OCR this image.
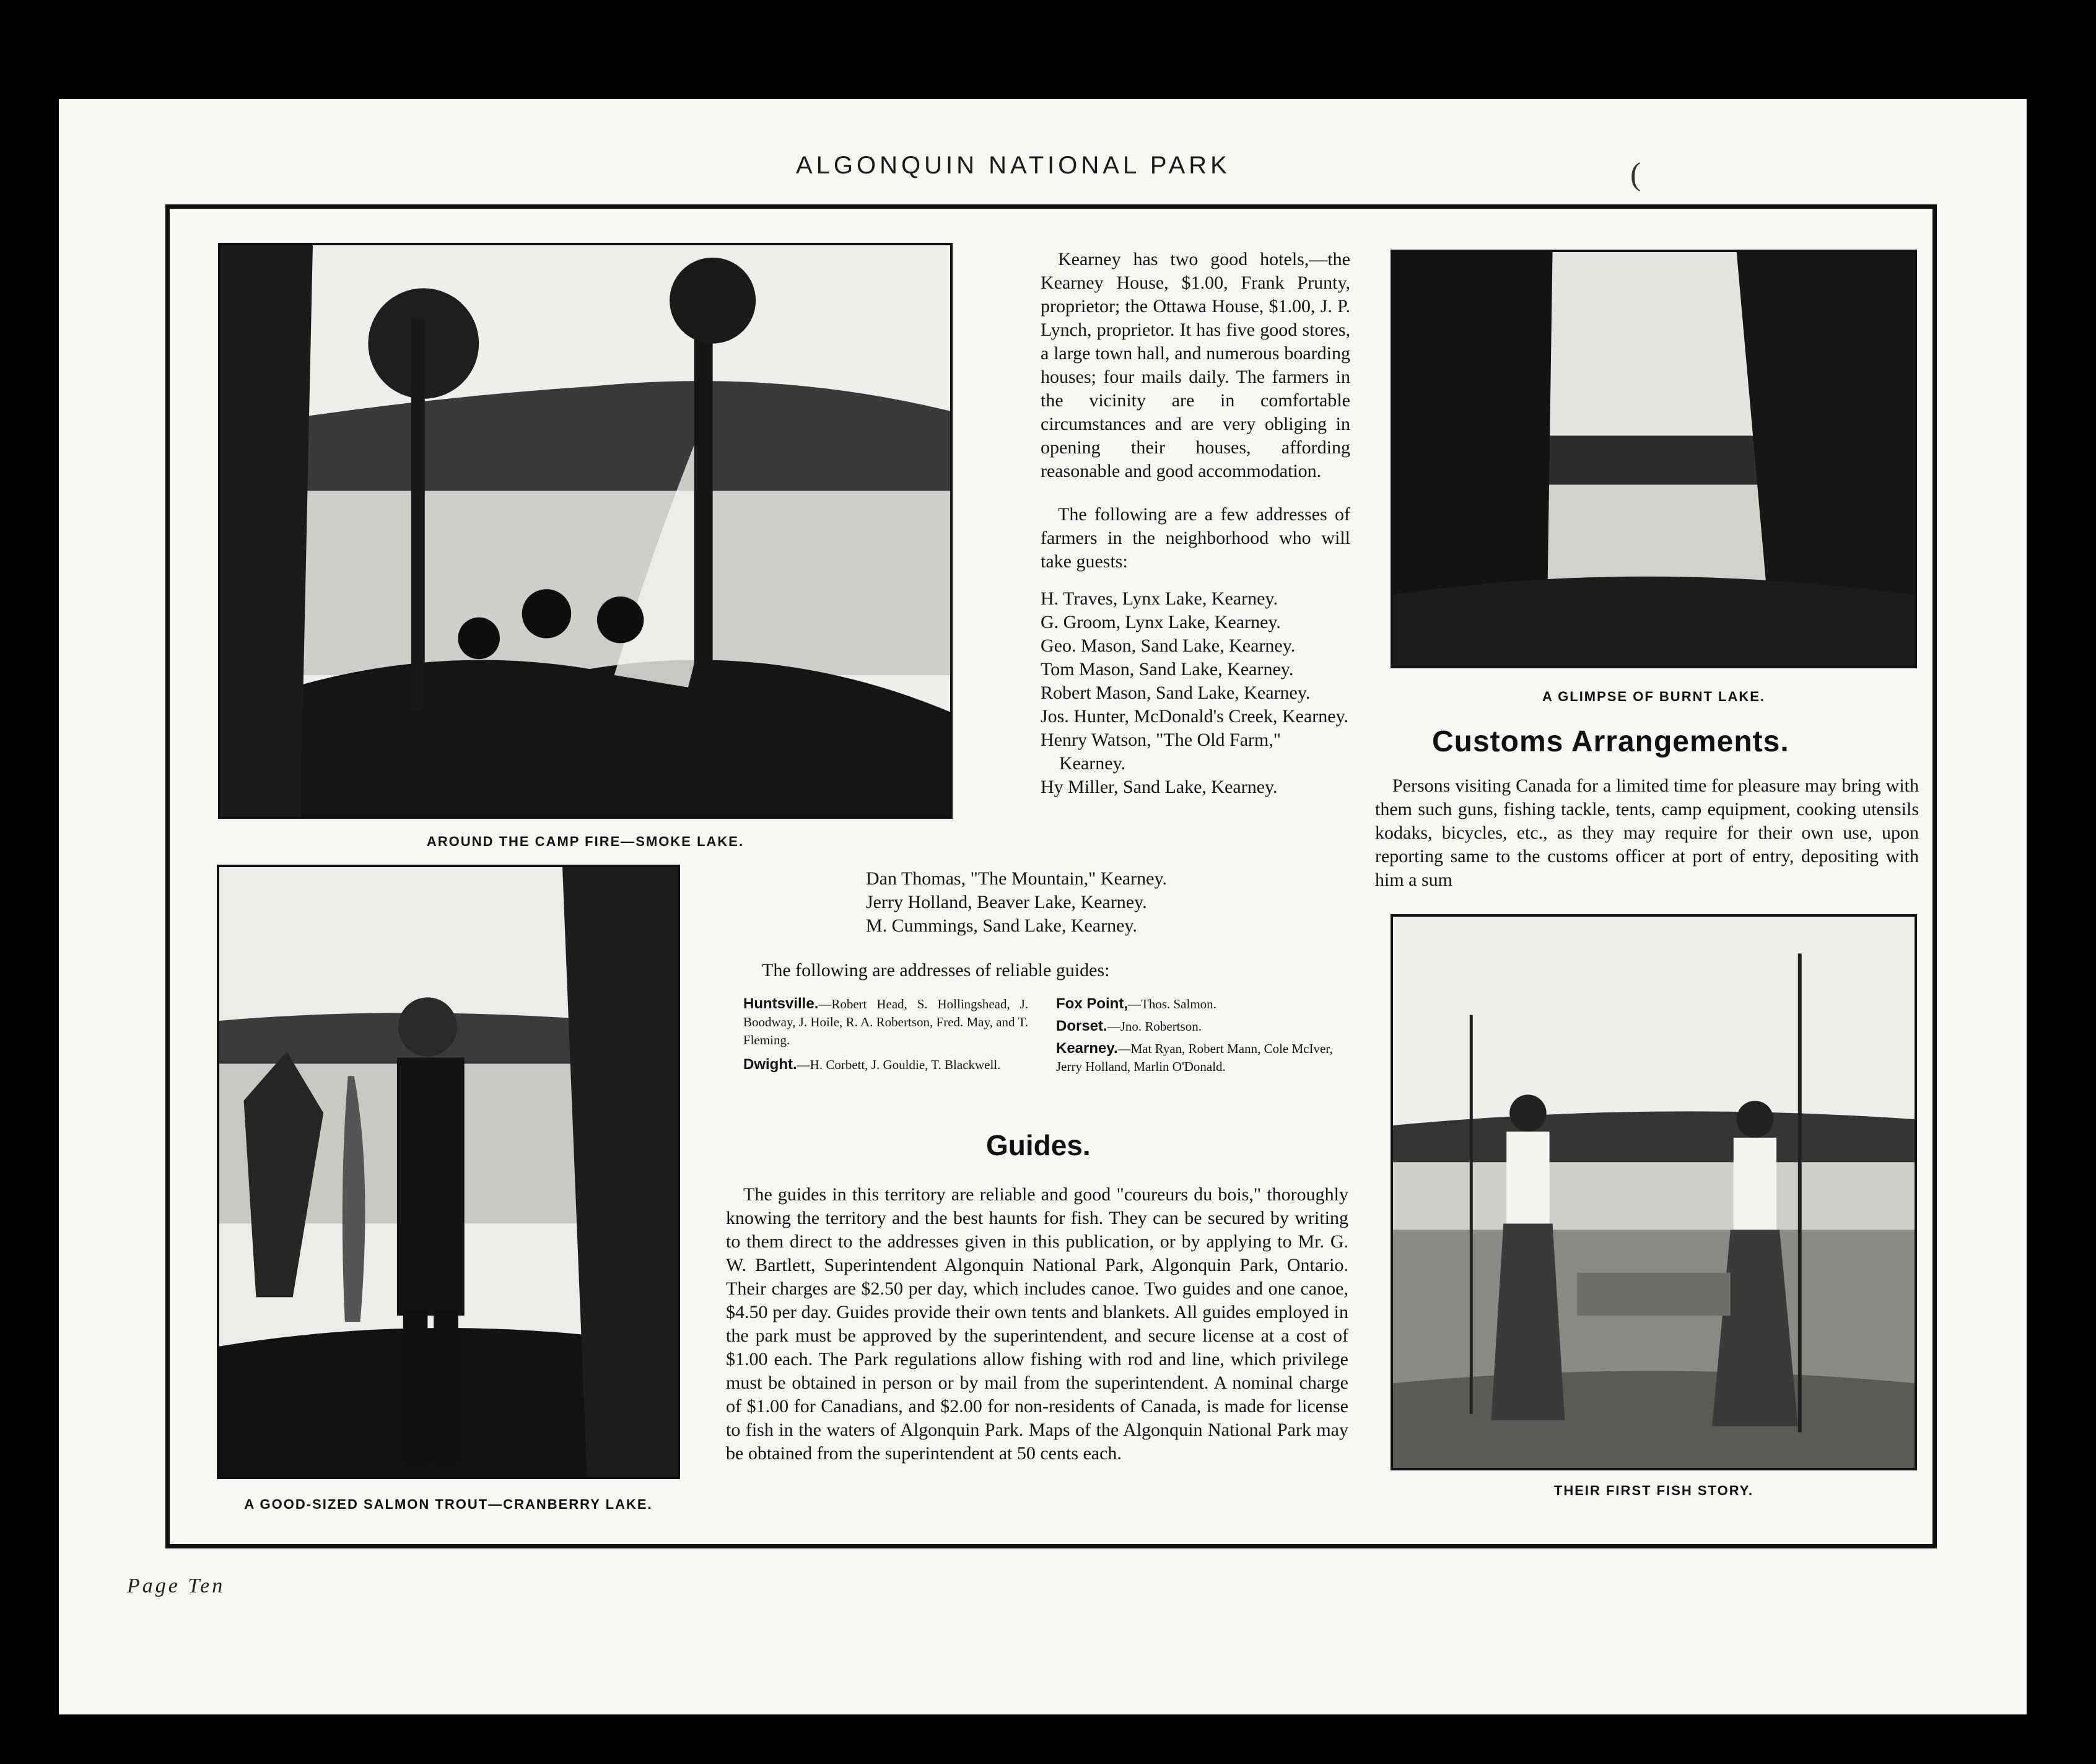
ALGONQUIN NATIONAL PARK	(
AROUND THE CAMP FIRE—SMOKE LAKE.
A GLIMPSE OF BURNT LAKE.
A GOOD-SIZED SALMON TROUT—CRANBERRY LAKE.
THEIR FIRST FISH STORY.

Kearney has two good hotels,—the Kearney House, $1.00, Frank Prunty, proprietor; the Ottawa House, $1.00, J. P. Lynch, proprietor. It has five good stores, a large town hall, and numerous boarding houses; four mails daily. The farmers in the vicinity are in comfortable circumstances and are very obliging in opening their houses, affording reasonable and good accommodation.

The following are a few addresses of farmers in the neighborhood who will take guests:

H. Traves, Lynx Lake, Kearney.
G. Groom, Lynx Lake, Kearney.
Geo. Mason, Sand Lake, Kearney.
Tom Mason, Sand Lake, Kearney.
Robert Mason, Sand Lake, Kearney.
Jos. Hunter, McDonald's Creek, Kearney.
Henry Watson, "The Old Farm," Kearney.
Hy Miller, Sand Lake, Kearney.
Dan Thomas, "The Mountain," Kearney.
Jerry Holland, Beaver Lake, Kearney.
M. Cummings, Sand Lake, Kearney.
The following are addresses of reliable guides:

Huntsville.—Robert Head, S. Hollingshead, J. Boodway, J. Hoile, R. A. Robertson, Fred. May, and T. Fleming.

Dwight.—H. Corbett, J. Gouldie, T. Blackwell.

Fox Point,—Thos. Salmon.

Dorset.—Jno. Robertson.

Kearney.—Mat Ryan, Robert Mann, Cole McIver, Jerry Holland, Marlin O'Donald.

Guides.

The guides in this territory are reliable and good "coureurs du bois," thoroughly knowing the territory and the best haunts for fish. They can be secured by writing to them direct to the addresses given in this publication, or by applying to Mr. G. W. Bartlett, Superintendent Algonquin National Park, Algonquin Park, Ontario. Their charges are $2.50 per day, which includes canoe. Two guides and one canoe, $4.50 per day. Guides provide their own tents and blankets. All guides employed in the park must be approved by the superintendent, and secure license at a cost of $1.00 each. The Park regulations allow fishing with rod and line, which privilege must be obtained in person or by mail from the superintendent. A nominal charge of $1.00 for Canadians, and $2.00 for non-residents of Canada, is made for license to fish in the waters of Algonquin Park. Maps of the Algonquin National Park may be obtained from the superintendent at 50 cents each.

Customs Arrangements.

Persons visiting Canada for a limited time for pleasure may bring with them such guns, fishing tackle, tents, camp equipment, cooking utensils kodaks, bicycles, etc., as they may require for their own use, upon reporting same to the customs officer at port of entry, depositing with him a sum

Page Ten
